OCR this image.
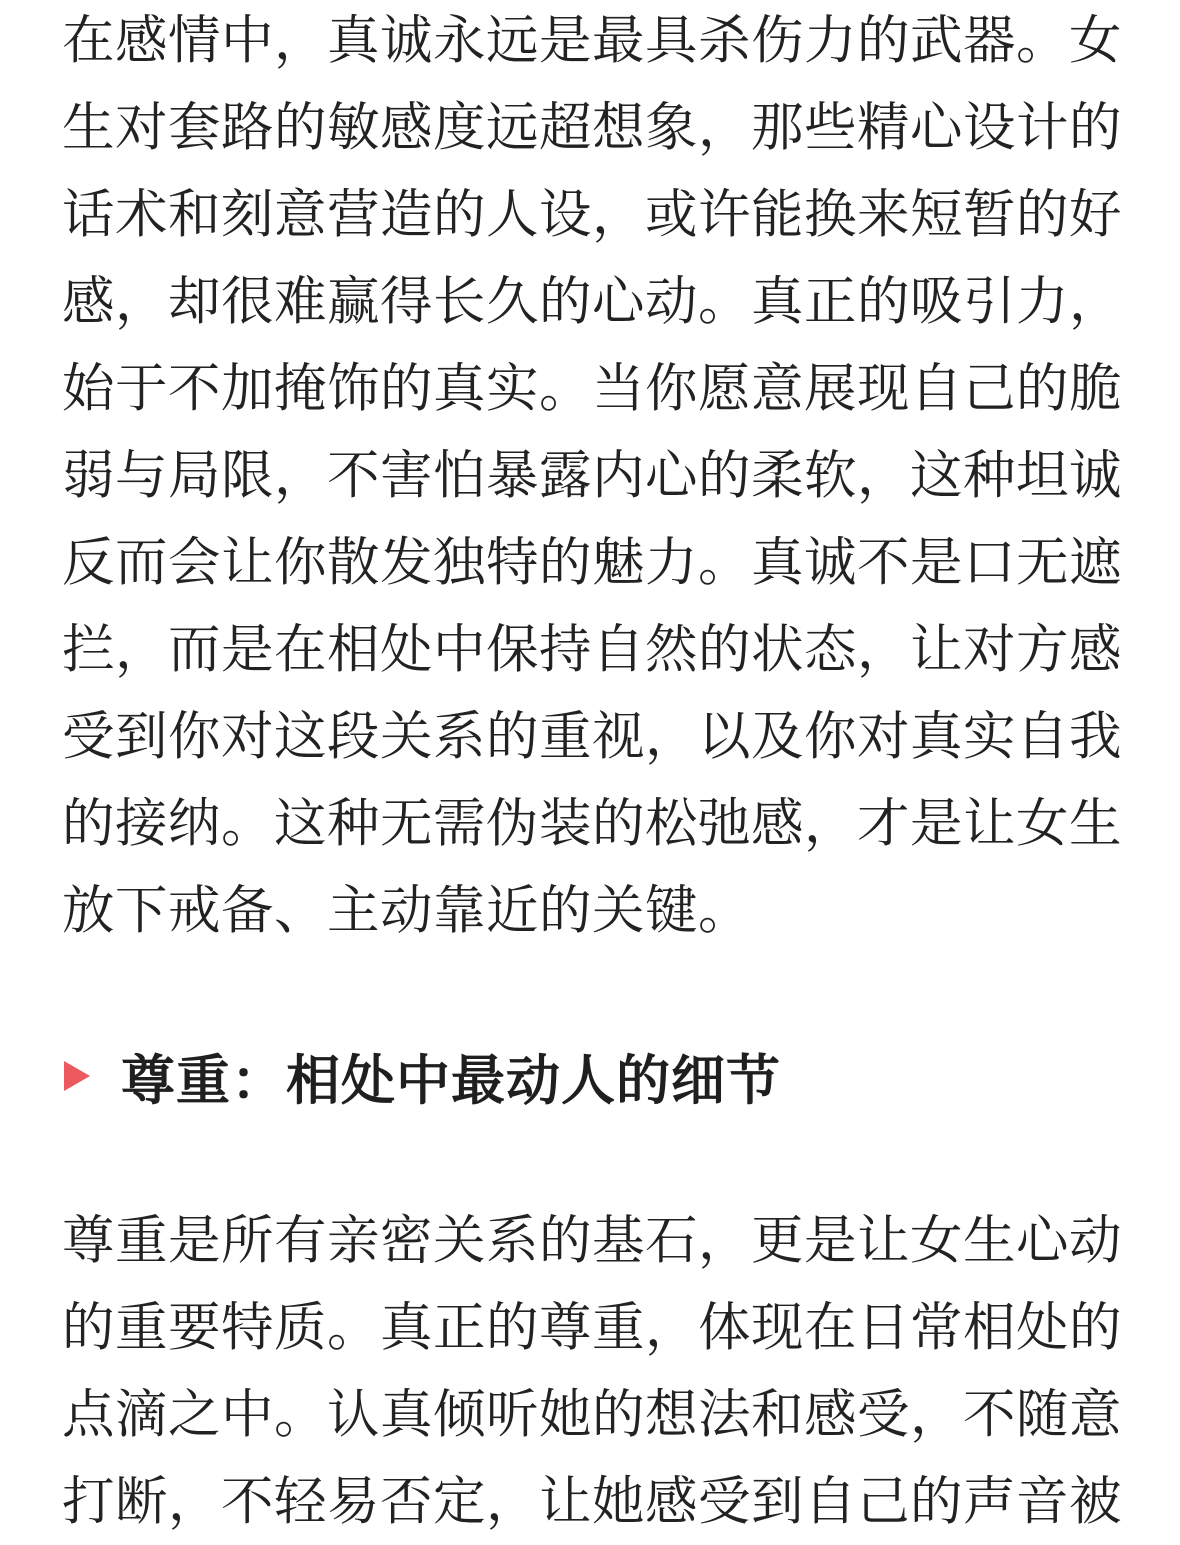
在感情中，真诚永远是最具杀伤力的武器。女生对套路的敏感度远超想象，那些精心设计的话术和刻意营造的人设，或许能换来短暂的好感，却很难赢得长久的心动。真正的吸引力，始于不加掩饰的真实。当你愿意展现自己的脆弱与局限，不害怕暴露内心的柔软，这种坦诚反而会让你散发独特的魅力。真诚不是口无遮拦，而是在相处中保持自然的状态，让对方感受到你对这段关系的重视，以及你对真实自我的接纳。这种无需伪装的松弛感，才是让女生放下戒备、主动靠近的关键。

尊重：相处中最动人的细节

尊重是所有亲密关系的基石，更是让女生心动的重要特质。真正的尊重，体现在日常相处的点滴之中。认真倾听她的想法和感受，不随意打断，不轻易否定，让她感受到自己的声音被
